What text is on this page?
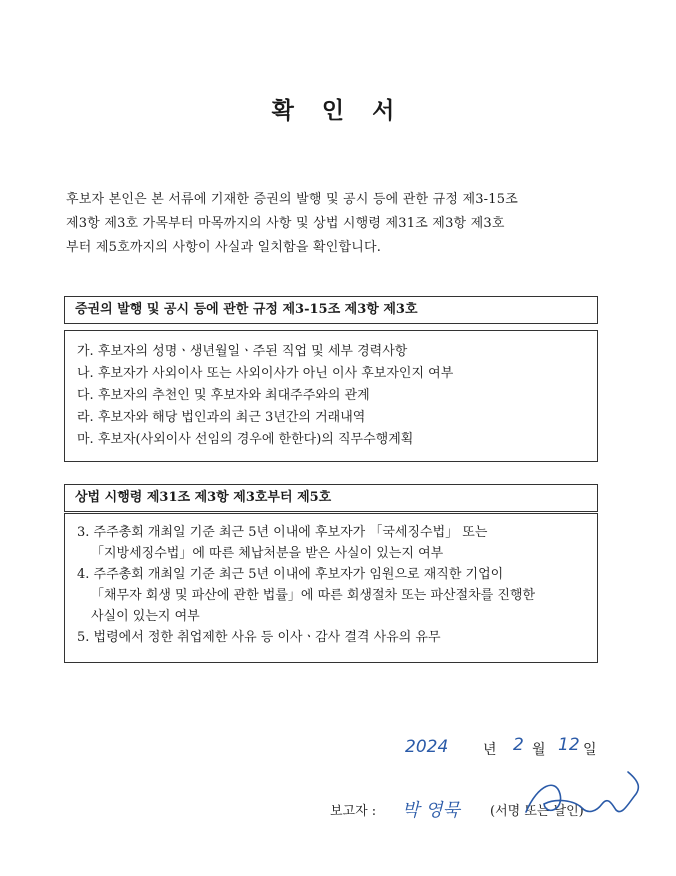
확 인 서
후보자 본인은 본 서류에 기재한 증권의 발행 및 공시 등에 관한 규정 제3-15조
제3항 제3호 가목부터 마목까지의 사항 및 상법 시행령 제31조 제3항 제3호
부터 제5호까지의 사항이 사실과 일치함을 확인합니다.
증권의 발행 및 공시 등에 관한 규정 제3-15조 제3항 제3호
가. 후보자의 성명ㆍ생년월일ㆍ주된 직업 및 세부 경력사항
나. 후보자가 사외이사 또는 사외이사가 아닌 이사 후보자인지 여부
다. 후보자의 추천인 및 후보자와 최대주주와의 관계
라. 후보자와 해당 법인과의 최근 3년간의 거래내역
마. 후보자(사외이사 선임의 경우에 한한다)의 직무수행계획
상법 시행령 제31조 제3항 제3호부터 제5호
3. 주주총회 개최일 기준 최근 5년 이내에 후보자가 「국세징수법」 또는
「지방세징수법」에 따른 체납처분을 받은 사실이 있는지 여부
4. 주주총회 개최일 기준 최근 5년 이내에 후보자가 임원으로 재직한 기업이
「채무자 회생 및 파산에 관한 법률」에 따른 회생절차 또는 파산절차를 진행한
사실이 있는지 여부
5. 법령에서 정한 취업제한 사유 등 이사ㆍ감사 결격 사유의 유무
2024 년 2 월 12 일
보고자 : 박 영묵 (서명 또는 날인)
